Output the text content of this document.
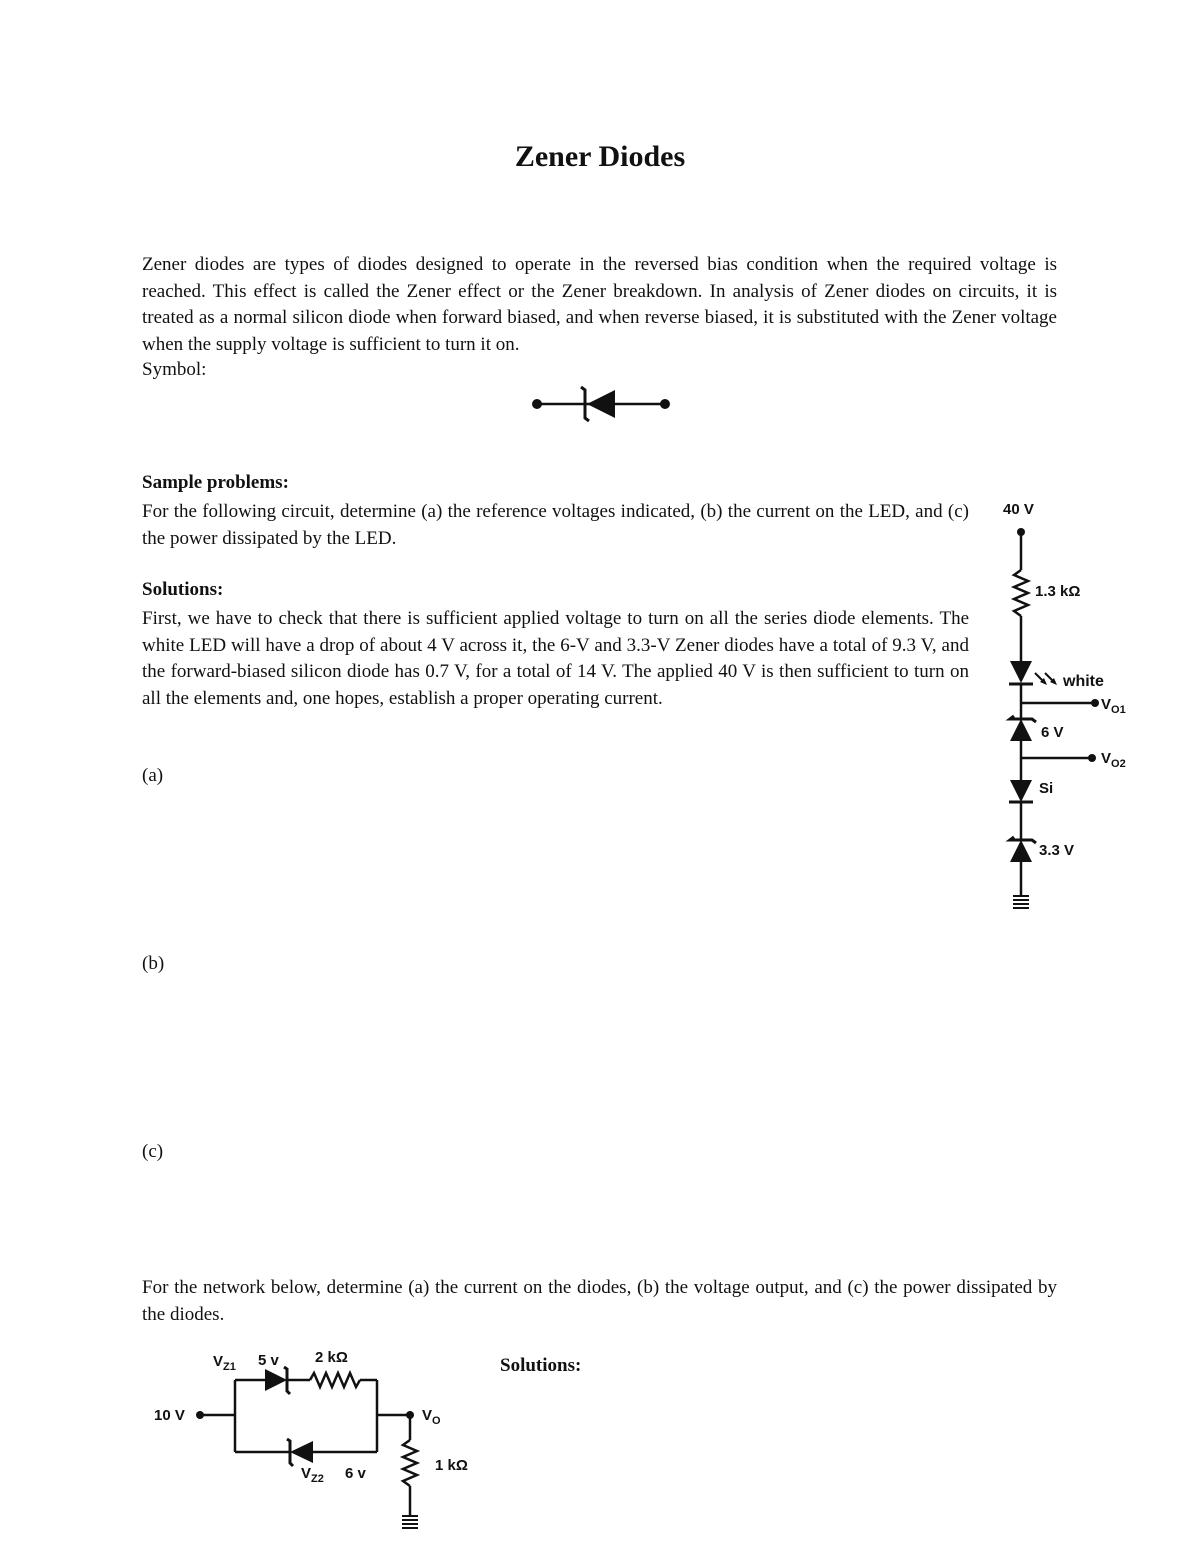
Zener Diodes

Zener diodes are types of diodes designed to operate in the reversed bias condition when the required voltage is reached. This effect is called the Zener effect or the Zener breakdown. In analysis of Zener diodes on circuits, it is treated as a normal silicon diode when forward biased, and when reverse biased, it is substituted with the Zener voltage when the supply voltage is sufficient to turn it on.

Symbol:

Sample problems:

For the following circuit, determine (a) the reference voltages indicated, (b) the current on the LED, and (c) the power dissipated by the LED.

Solutions:

First, we have to check that there is sufficient applied voltage to turn on all the series diode elements. The white LED will have a drop of about 4 V across it, the 6-V and 3.3-V Zener diodes have a total of 9.3 V, and the forward-biased silicon diode has 0.7 V, for a total of 14 V. The applied 40 V is then sufficient to turn on all the elements and, one hopes, establish a proper operating current.

(a)

(b)

(c)

40 V
1.3 kΩ
white
$V_{O1}$
6 V
$V_{O2}$
Si
3.3 V

For the network below, determine (a) the current on the diodes, (b) the voltage output, and (c) the power dissipated by the diodes.

$V_{Z1}$ 5 v 2 kΩ
10 V
$V_{Z2}$ 6 v
$V_O$
1 kΩ

Solutions:
